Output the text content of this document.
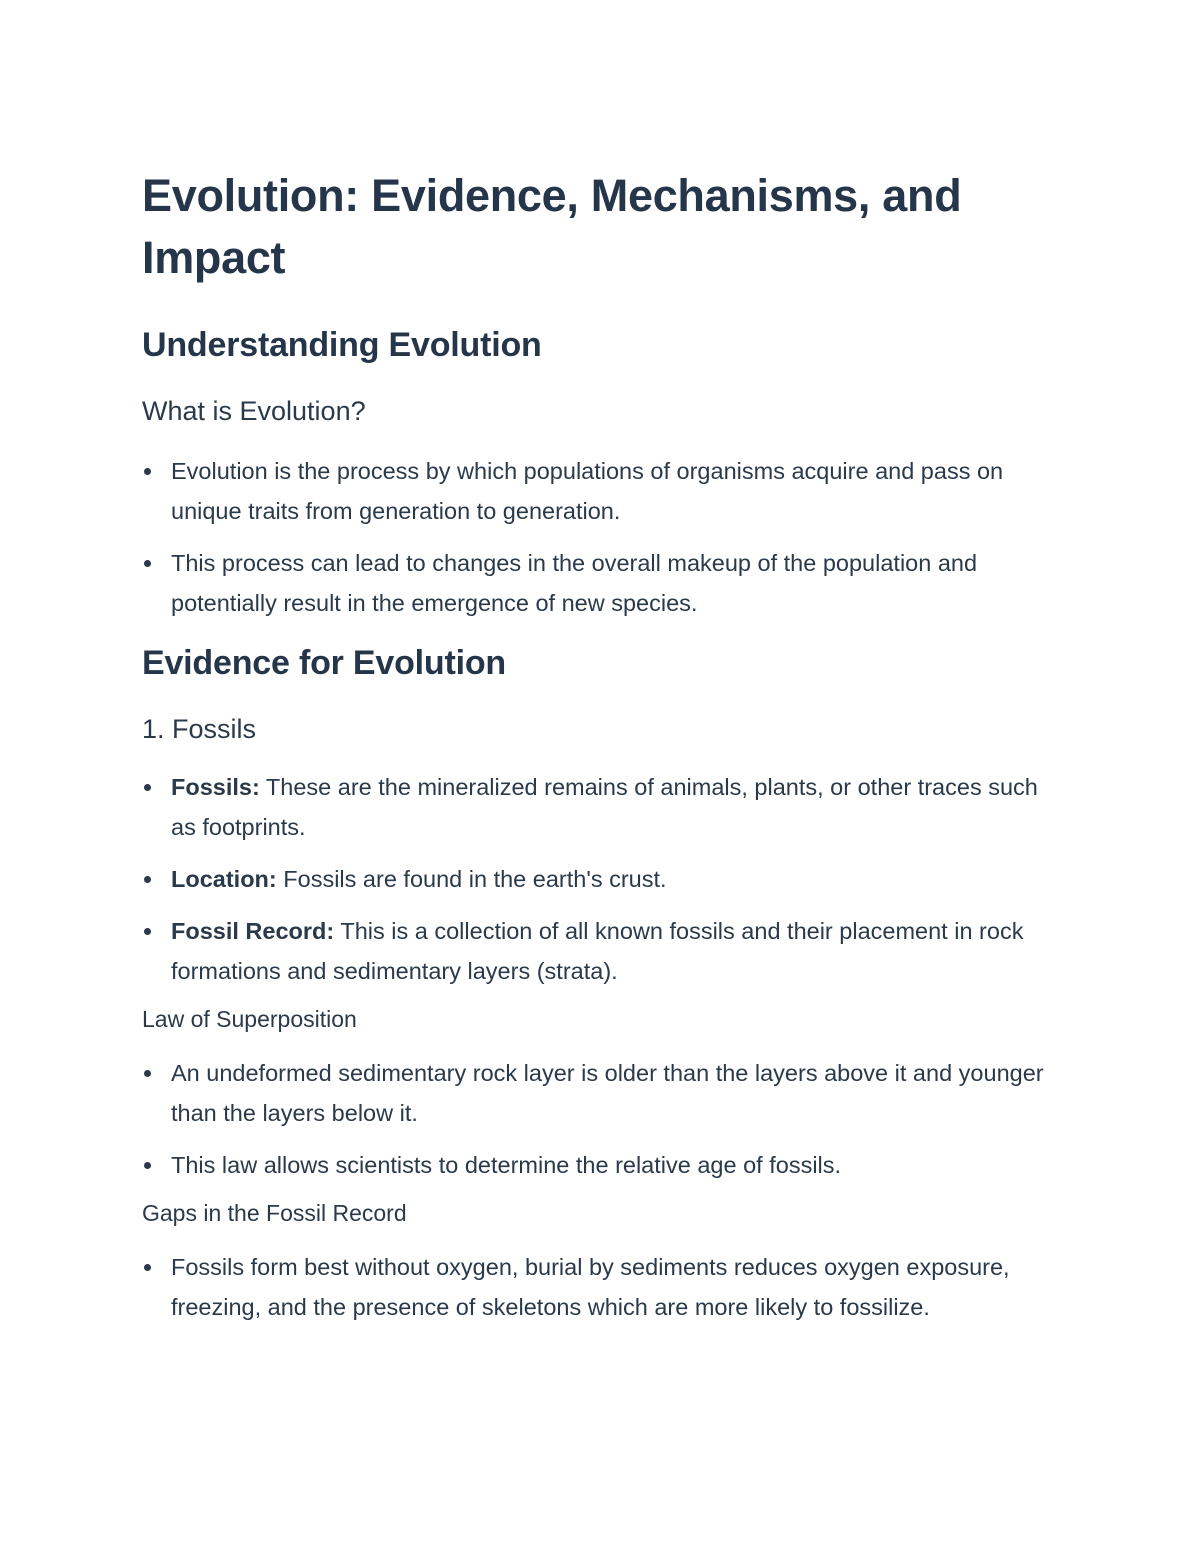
Evolution: Evidence, Mechanisms, and Impact
Understanding Evolution
What is Evolution?
Evolution is the process by which populations of organisms acquire and pass on unique traits from generation to generation.
This process can lead to changes in the overall makeup of the population and potentially result in the emergence of new species.
Evidence for Evolution
1. Fossils
Fossils: These are the mineralized remains of animals, plants, or other traces such as footprints.
Location: Fossils are found in the earth's crust.
Fossil Record: This is a collection of all known fossils and their placement in rock formations and sedimentary layers (strata).
Law of Superposition
An undeformed sedimentary rock layer is older than the layers above it and younger than the layers below it.
This law allows scientists to determine the relative age of fossils.
Gaps in the Fossil Record
Fossils form best without oxygen, burial by sediments reduces oxygen exposure, freezing, and the presence of skeletons which are more likely to fossilize.
